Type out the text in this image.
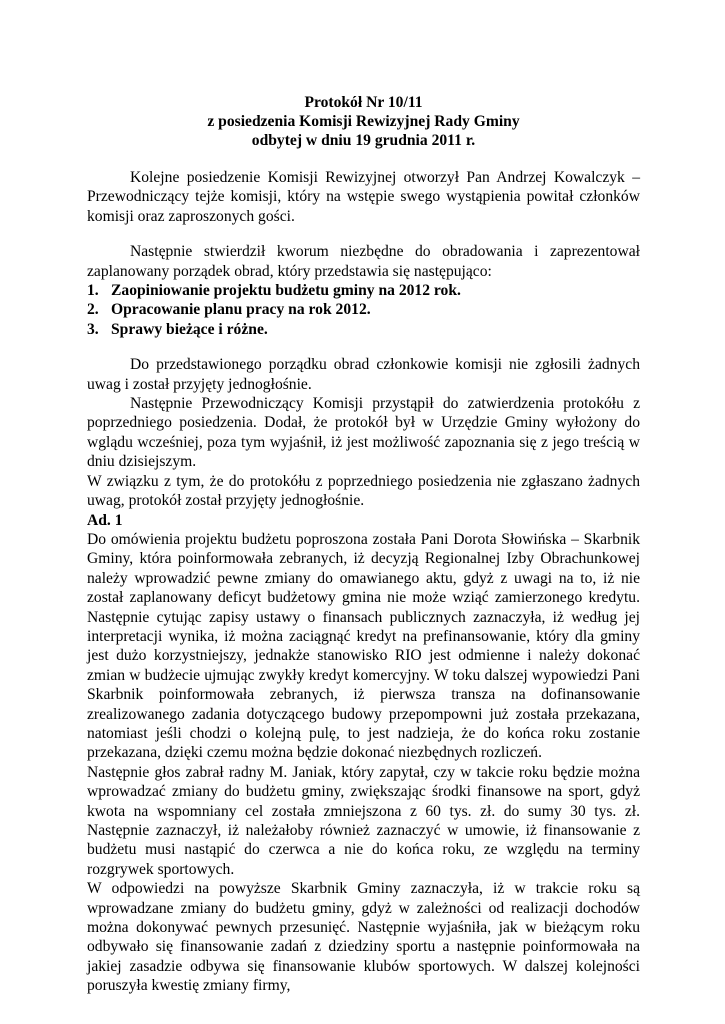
Protokół Nr 10/11
z posiedzenia Komisji Rewizyjnej Rady Gminy
odbytej w dniu 19 grudnia 2011 r.

Kolejne posiedzenie Komisji Rewizyjnej otworzył Pan Andrzej Kowalczyk – Przewodniczący tejże komisji, który na wstępie swego wystąpienia powitał członków komisji oraz zaproszonych gości.

Następnie stwierdził kworum niezbędne do obradowania i zaprezentował zaplanowany porządek obrad, który przedstawia się następująco:

1. Zaopiniowanie projektu budżetu gminy na 2012 rok.
2. Opracowanie planu pracy na rok 2012.
3. Sprawy bieżące i różne.

Do przedstawionego porządku obrad członkowie komisji nie zgłosili żadnych uwag i został przyjęty jednogłośnie.

Następnie Przewodniczący Komisji przystąpił do zatwierdzenia protokółu z poprzedniego posiedzenia. Dodał, że protokół był w Urzędzie Gminy wyłożony do wglądu wcześniej, poza tym wyjaśnił, iż jest możliwość zapoznania się z jego treścią w dniu dzisiejszym.

W związku z tym, że do protokółu z poprzedniego posiedzenia nie zgłaszano żadnych uwag, protokół został przyjęty jednogłośnie.

Ad. 1

Do omówienia projektu budżetu poproszona została Pani Dorota Słowińska – Skarbnik Gminy, która poinformowała zebranych, iż decyzją Regionalnej Izby Obrachunkowej należy wprowadzić pewne zmiany do omawianego aktu, gdyż z uwagi na to, iż nie został zaplanowany deficyt budżetowy gmina nie może wziąć zamierzonego kredytu. Następnie cytując zapisy ustawy o finansach publicznych zaznaczyła, iż według jej interpretacji wynika, iż można zaciągnąć kredyt na prefinansowanie, który dla gminy jest dużo korzystniejszy, jednakże stanowisko RIO jest odmienne i należy dokonać zmian w budżecie ujmując zwykły kredyt komercyjny. W toku dalszej wypowiedzi Pani Skarbnik poinformowała zebranych, iż pierwsza transza na dofinansowanie zrealizowanego zadania dotyczącego budowy przepompowni już została przekazana, natomiast jeśli chodzi o kolejną pulę, to jest nadzieja, że do końca roku zostanie przekazana, dzięki czemu można będzie dokonać niezbędnych rozliczeń.

Następnie głos zabrał radny M. Janiak, który zapytał, czy w takcie roku będzie można wprowadzać zmiany do budżetu gminy, zwiększając środki finansowe na sport, gdyż kwota na wspomniany cel została zmniejszona z 60 tys. zł. do sumy 30 tys. zł. Następnie zaznaczył, iż należałoby również zaznaczyć w umowie, iż finansowanie z budżetu musi nastąpić do czerwca a nie do końca roku, ze względu na terminy rozgrywek sportowych.

W odpowiedzi na powyższe Skarbnik Gminy zaznaczyła, iż w trakcie roku są wprowadzane zmiany do budżetu gminy, gdyż w zależności od realizacji dochodów można dokonywać pewnych przesunięć. Następnie wyjaśniła, jak w bieżącym roku odbywało się finansowanie zadań z dziedziny sportu a następnie poinformowała na jakiej zasadzie odbywa się finansowanie klubów sportowych. W dalszej kolejności poruszyła kwestię zmiany firmy,
